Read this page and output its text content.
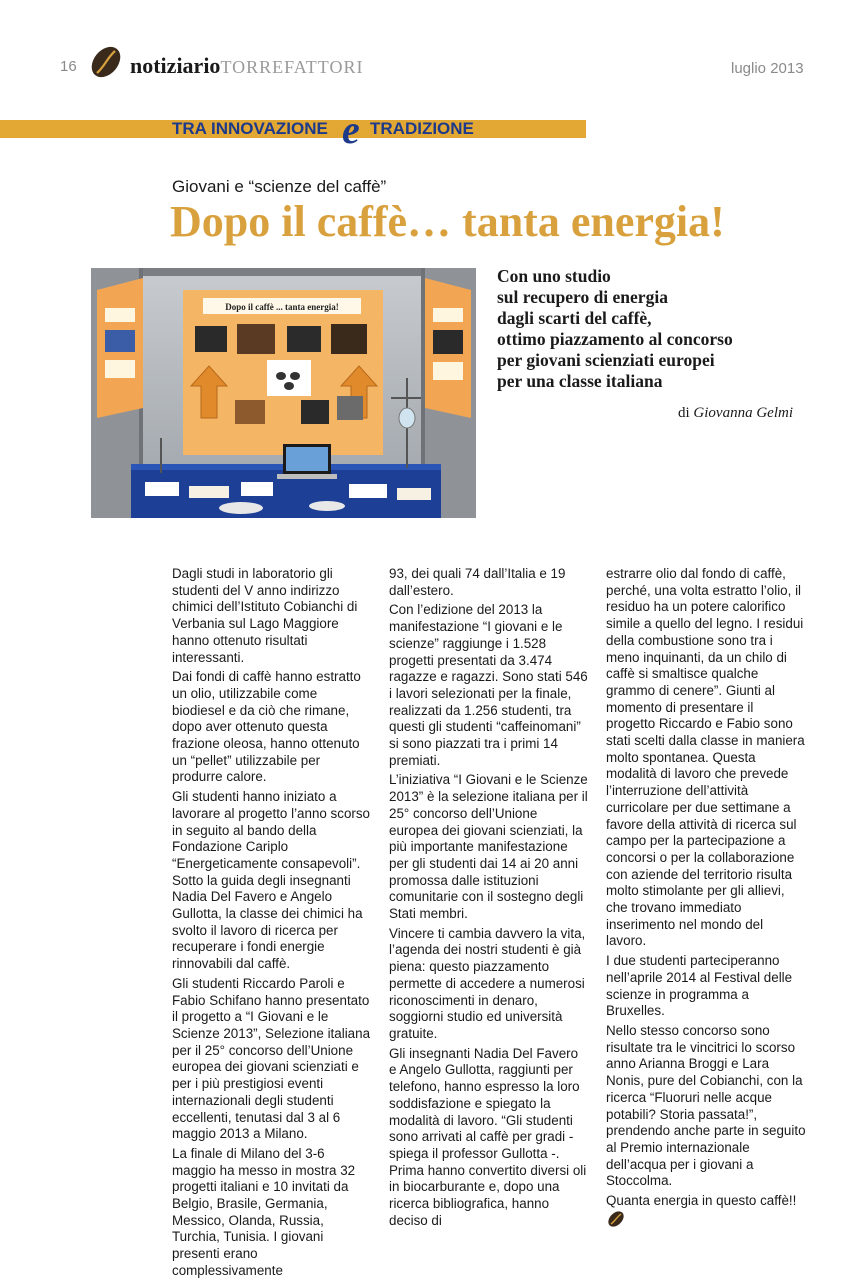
16 notiziarioTORREFATTORI	luglio 2013
TRA INNOVAZIONE e TRADIZIONE
Giovani e “scienze del caffè”
Dopo il caffè… tanta energia!
Dopo il caffè ... tanta energia!
Con uno studio
sul recupero di energia
dagli scarti del caffè,
ottimo piazzamento al concorso
per giovani scienziati europei
per una classe italiana
di Giovanna Gelmi

Dagli studi in laboratorio gli studenti del V anno indirizzo chimici dell’Istituto Cobianchi di Verbania sul Lago Maggiore hanno ottenuto risultati interessanti.

Dai fondi di caffè hanno estratto un olio, utilizzabile come biodiesel e da ciò che rimane, dopo aver ottenuto questa frazione oleosa, hanno ottenuto un “pellet” utilizzabile per produrre calore.

Gli studenti hanno iniziato a lavorare al progetto l’anno scorso in seguito al bando della Fondazione Cariplo “Energeticamente consapevoli”. Sotto la guida degli insegnanti Nadia Del Favero e Angelo Gullotta, la classe dei chimici ha svolto il lavoro di ricerca per recuperare i fondi energie rinnovabili dal caffè.

Gli studenti Riccardo Paroli e Fabio Schifano hanno presentato il progetto a “I Giovani e le Scienze 2013”, Selezione italiana per il 25° concorso dell’Unione europea dei giovani scienziati e per i più prestigiosi eventi internazionali degli studenti eccellenti, tenutasi dal 3 al 6 maggio 2013 a Milano.

La finale di Milano del 3-6 maggio ha messo in mostra 32 progetti italiani e 10 invitati da Belgio, Brasile, Germania, Messico, Olanda, Russia, Turchia, Tunisia. I giovani presenti erano complessivamente

93, dei quali 74 dall’Italia e 19 dall’estero.

Con l’edizione del 2013 la manifestazione “I giovani e le scienze” raggiunge i 1.528 progetti presentati da 3.474 ragazze e ragazzi. Sono stati 546 i lavori selezionati per la finale, realizzati da 1.256 studenti, tra questi gli studenti “caffeinomani” si sono piazzati tra i primi 14 premiati.

L’iniziativa “I Giovani e le Scienze 2013” è la selezione italiana per il 25° concorso dell’Unione europea dei giovani scienziati, la più importante manifestazione per gli studenti dai 14 ai 20 anni promossa dalle istituzioni comunitarie con il sostegno degli Stati membri.

Vincere ti cambia davvero la vita, l’agenda dei nostri studenti è già piena: questo piazzamento permette di accedere a numerosi riconoscimenti in denaro, soggiorni studio ed università gratuite.

Gli insegnanti Nadia Del Favero e Angelo Gullotta, raggiunti per telefono, hanno espresso la loro soddisfazione e spiegato la modalità di lavoro. “Gli studenti sono arrivati al caffè per gradi - spiega il professor Gullotta -. Prima hanno convertito diversi oli in biocarburante e, dopo una ricerca bibliografica, hanno deciso di

estrarre olio dal fondo di caffè, perché, una volta estratto l’olio, il residuo ha un potere calorifico simile a quello del legno. I residui della combustione sono tra i meno inquinanti, da un chilo di caffè si smaltisce qualche grammo di cenere”. Giunti al momento di presentare il progetto Riccardo e Fabio sono stati scelti dalla classe in maniera molto spontanea. Questa modalità di lavoro che prevede l’interruzione dell’attività curricolare per due settimane a favore della attività di ricerca sul campo per la partecipazione a concorsi o per la collaborazione con aziende del territorio risulta molto stimolante per gli allievi, che trovano immediato inserimento nel mondo del lavoro.

I due studenti parteciperanno nell’aprile 2014 al Festival delle scienze in programma a Bruxelles.

Nello stesso concorso sono risultate tra le vincitrici lo scorso anno Arianna Broggi e Lara Nonis, pure del Cobianchi, con la ricerca “Fluoruri nelle acque potabili? Storia passata!”, prendendo anche parte in seguito al Premio internazionale dell’acqua per i giovani a Stoccolma.

Quanta energia in questo caffè!!
